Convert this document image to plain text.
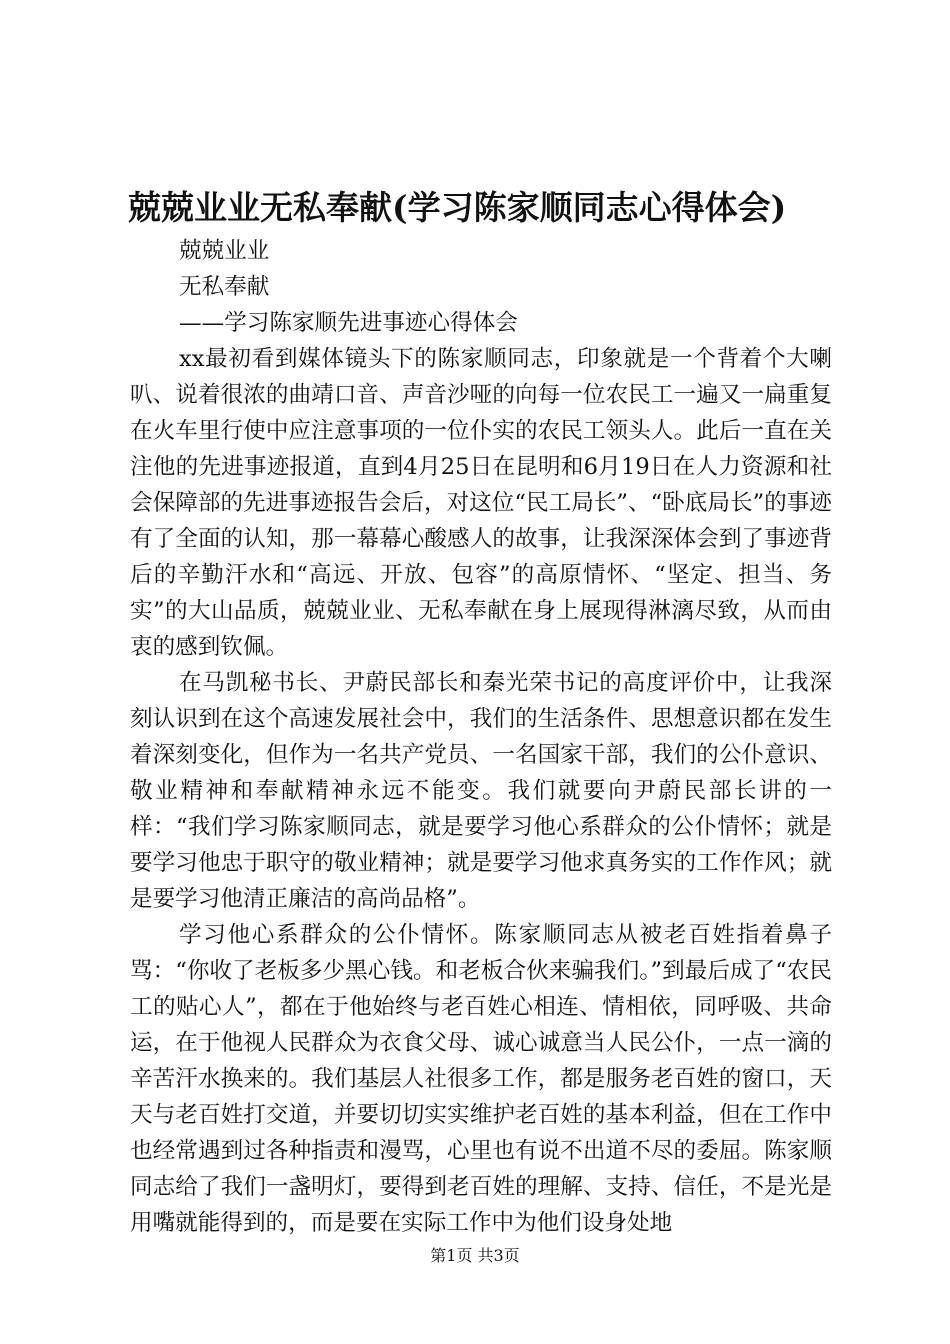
兢兢业业无私奉献(学习陈家顺同志心得体会)

兢兢业业

无私奉献

——学习陈家顺先进事迹心得体会

xx最初看到媒体镜头下的陈家顺同志，印象就是一个背着个大喇叭、说着很浓的曲靖口音、声音沙哑的向每一位农民工一遍又一扁重复在火车里行使中应注意事项的一位仆实的农民工领头人。此后一直在关注他的先进事迹报道，直到4月25日在昆明和6月19日在人力资源和社会保障部的先进事迹报告会后，对这位“民工局长”、“卧底局长”的事迹有了全面的认知，那一幕幕心酸感人的故事，让我深深体会到了事迹背后的辛勤汗水和“高远、开放、包容”的高原情怀、“坚定、担当、务实”的大山品质，兢兢业业、无私奉献在身上展现得淋漓尽致，从而由衷的感到钦佩。

在马凯秘书长、尹蔚民部长和秦光荣书记的高度评价中，让我深刻认识到在这个高速发展社会中，我们的生活条件、思想意识都在发生着深刻变化，但作为一名共产党员、一名国家干部，我们的公仆意识、敬业精神和奉献精神永远不能变。我们就要向尹蔚民部长讲的一样：“我们学习陈家顺同志，就是要学习他心系群众的公仆情怀；就是要学习他忠于职守的敬业精神；就是要学习他求真务实的工作作风；就是要学习他清正廉洁的高尚品格”。

学习他心系群众的公仆情怀。陈家顺同志从被老百姓指着鼻子骂：“你收了老板多少黑心钱。和老板合伙来骗我们。”到最后成了“农民工的贴心人”，都在于他始终与老百姓心相连、情相依，同呼吸、共命运，在于他视人民群众为衣食父母、诚心诚意当人民公仆，一点一滴的辛苦汗水换来的。我们基层人社很多工作，都是服务老百姓的窗口，天天与老百姓打交道，并要切切实实维护老百姓的基本利益，但在工作中也经常遇到过各种指责和漫骂，心里也有说不出道不尽的委屈。陈家顺同志给了我们一盏明灯，要得到老百姓的理解、支持、信任，不是光是用嘴就能得到的，而是要在实际工作中为他们设身处地

第1页 共3页
